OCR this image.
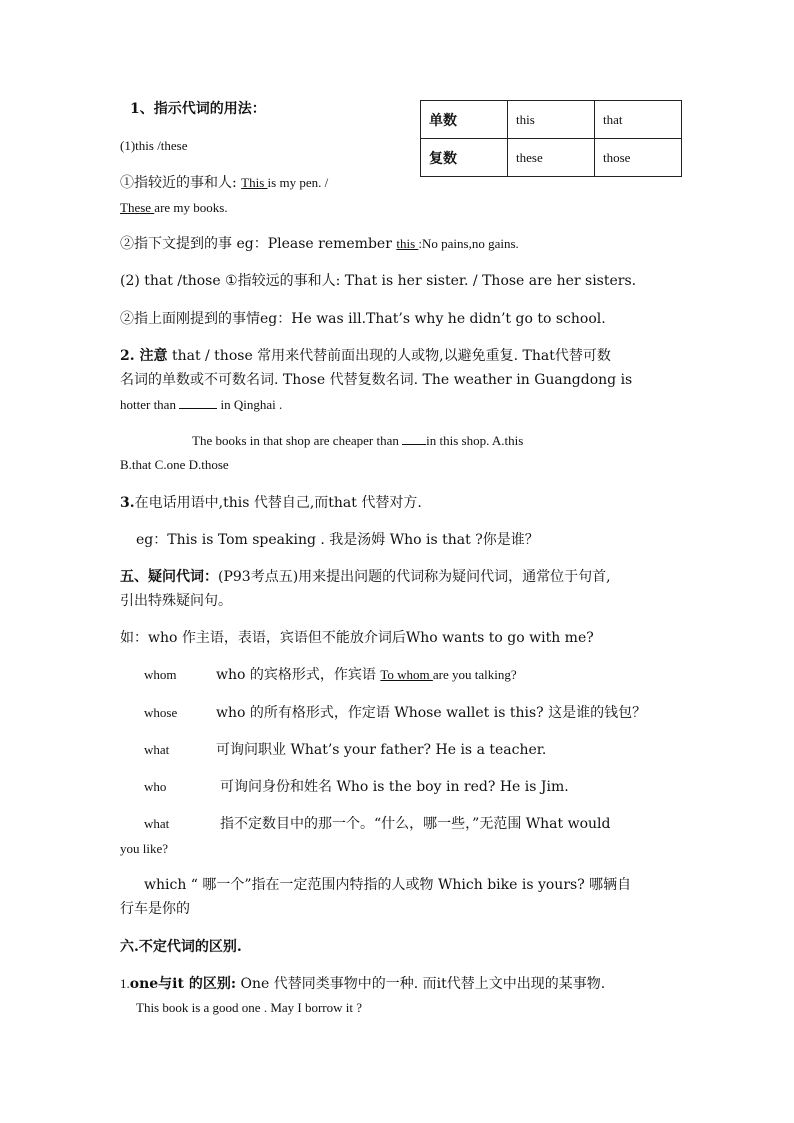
单数	this	that
复数	these	those
1、指示代词的用法：
(1)this /these
①指较近的事和人: This is my pen. /
These are my books.
②指下文提到的事 eg：Please remember this :No pains,no gains.
(2) that /those ①指较远的事和人: That is her sister. / Those are her sisters.
②指上面刚提到的事情eg：He was ill.That’s why he didn’t go to school.
2. 注意 that / those 常用来代替前面出现的人或物,以避免重复. That代替可数
名词的单数或不可数名词. Those 代替复数名词. The weather in Guangdong is
hotter than	in Qinghai .
The books in that shop are cheaper than in this shop. A.this
B.that C.one D.those
3.在电话用语中,this 代替自己,而that 代替对方.
eg：This is Tom speaking . 我是汤姆 Who is that ?你是谁？
五、疑问代词：(P93考点五)用来提出问题的代词称为疑问代词，通常位于句首,
引出特殊疑问句。
如：who 作主语，表语，宾语但不能放介词后Who wants to go with me?
whom	who 的宾格形式，作宾语 To whom are you talking?
whose	who 的所有格形式，作定语 Whose wallet is this? 这是谁的钱包？
what	可询问职业 What’s your father? He is a teacher.
who	可询问身份和姓名 Who is the boy in red? He is Jim.
what	指不定数目中的那一个。“什么，哪一些，”无范围 What would
you like?
which “ 哪一个”指在一定范围内特指的人或物 Which bike is yours? 哪辆自
行车是你的
六.不定代词的区别.
1.one与it 的区别: One 代替同类事物中的一种. 而it代替上文中出现的某事物.
This book is a good one . May I borrow it ?
